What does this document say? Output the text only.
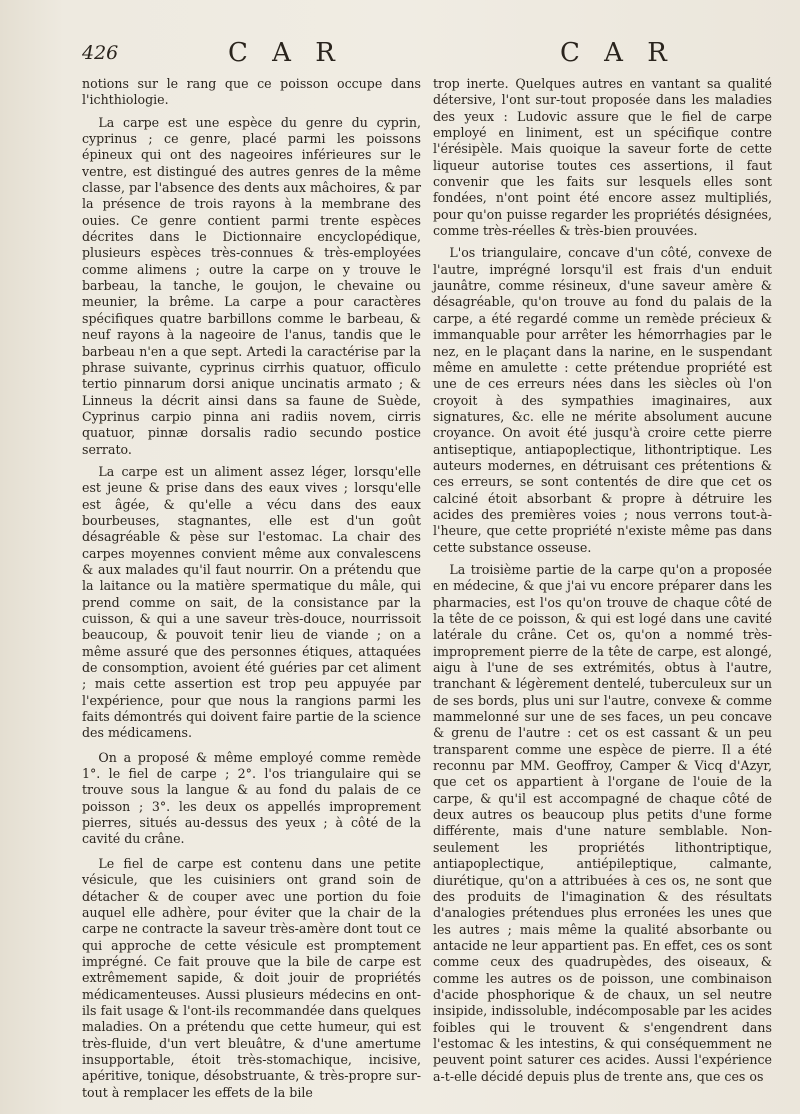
426	C A R	C A R

notions sur le rang que ce poisson occupe dans l'ichthiologie.

La carpe est une espèce du genre du cyprin, cyprinus ; ce genre, placé parmi les poissons épineux qui ont des nageoires inférieures sur le ventre, est distingué des autres genres de la même classe, par l'absence des dents aux mâchoires, & par la présence de trois rayons à la membrane des ouies. Ce genre contient parmi trente espèces décrites dans le Dictionnaire encyclopédique, plusieurs espèces très-connues & très-employées comme alimens ; outre la carpe on y trouve le barbeau, la tanche, le goujon, le chevaine ou meunier, la brême. La carpe a pour caractères spécifiques quatre barbillons comme le barbeau, & neuf rayons à la nageoire de l'anus, tandis que le barbeau n'en a que sept. Artedi la caractérise par la phrase suivante, cyprinus cirrhis quatuor, officulo tertio pinnarum dorsi anique uncinatis armato ; & Linneus la décrit ainsi dans sa faune de Suède, Cyprinus carpio pinna ani radiis novem, cirris quatuor, pinnæ dorsalis radio secundo postice serrato.

La carpe est un aliment assez léger, lorsqu'elle est jeune & prise dans des eaux vives ; lorsqu'elle est âgée, & qu'elle a vécu dans des eaux bourbeuses, stagnantes, elle est d'un goût désagréable & pèse sur l'estomac. La chair des carpes moyennes convient même aux convalescens & aux malades qu'il faut nourrir. On a prétendu que la laitance ou la matière spermatique du mâle, qui prend comme on sait, de la consistance par la cuisson, & qui a une saveur très-douce, nourrissoit beaucoup, & pouvoit tenir lieu de viande ; on a même assuré que des personnes étiques, attaquées de consomption, avoient été guéries par cet aliment ; mais cette assertion est trop peu appuyée par l'expérience, pour que nous la rangions parmi les faits démontrés qui doivent faire partie de la science des médicamens.

On a proposé & même employé comme remède 1°. le fiel de carpe ; 2°. l'os triangulaire qui se trouve sous la langue & au fond du palais de ce poisson ; 3°. les deux os appellés improprement pierres, situés au-dessus des yeux ; à côté de la cavité du crâne.

Le fiel de carpe est contenu dans une petite vésicule, que les cuisiniers ont grand soin de détacher & de couper avec une portion du foie auquel elle adhère, pour éviter que la chair de la carpe ne contracte la saveur très-amère dont tout ce qui approche de cette vésicule est promptement imprégné. Ce fait prouve que la bile de carpe est extrêmement sapide, & doit jouir de propriétés médicamenteuses. Aussi plusieurs médecins en ont-ils fait usage & l'ont-ils recommandée dans quelques maladies. On a prétendu que cette humeur, qui est très-fluide, d'un vert bleuâtre, & d'une amertume insupportable, étoit très-stomachique, incisive, apéritive, tonique, désobstruante, & très-propre sur-tout à remplacer les effets de la bile

trop inerte. Quelques autres en vantant sa qualité détersive, l'ont sur-tout proposée dans les maladies des yeux : Ludovic assure que le fiel de carpe employé en liniment, est un spécifique contre l'érésipèle. Mais quoique la saveur forte de cette liqueur autorise toutes ces assertions, il faut convenir que les faits sur lesquels elles sont fondées, n'ont point été encore assez multipliés, pour qu'on puisse regarder les propriétés désignées, comme très-réelles & très-bien prouvées.

L'os triangulaire, concave d'un côté, convexe de l'autre, imprégné lorsqu'il est frais d'un enduit jaunâtre, comme résineux, d'une saveur amère & désagréable, qu'on trouve au fond du palais de la carpe, a été regardé comme un remède précieux & immanquable pour arrêter les hémorrhagies par le nez, en le plaçant dans la narine, en le suspendant même en amulette : cette prétendue propriété est une de ces erreurs nées dans les siècles où l'on croyoit à des sympathies imaginaires, aux signatures, &c. elle ne mérite absolument aucune croyance. On avoit été jusqu'à croire cette pierre antiseptique, antiapoplectique, lithontriptique. Les auteurs modernes, en détruisant ces prétentions & ces erreurs, se sont contentés de dire que cet os calciné étoit absorbant & propre à détruire les acides des premières voies ; nous verrons tout-à-l'heure, que cette propriété n'existe même pas dans cette substance osseuse.

La troisième partie de la carpe qu'on a proposée en médecine, & que j'ai vu encore préparer dans les pharmacies, est l'os qu'on trouve de chaque côté de la tête de ce poisson, & qui est logé dans une cavité latérale du crâne. Cet os, qu'on a nommé très-improprement pierre de la tête de carpe, est alongé, aigu à l'une de ses extrémités, obtus à l'autre, tranchant & légèrement dentelé, tuberculeux sur un de ses bords, plus uni sur l'autre, convexe & comme mammelonné sur une de ses faces, un peu concave & grenu de l'autre : cet os est cassant & un peu transparent comme une espèce de pierre. Il a été reconnu par MM. Geoffroy, Camper & Vicq d'Azyr, que cet os appartient à l'organe de l'ouie de la carpe, & qu'il est accompagné de chaque côté de deux autres os beaucoup plus petits d'une forme différente, mais d'une nature semblable. Non-seulement les propriétés lithontriptique, antiapoplectique, antiépileptique, calmante, diurétique, qu'on a attribuées à ces os, ne sont que des produits de l'imagination & des résultats d'analogies prétendues plus erronées les unes que les autres ; mais même la qualité absorbante ou antacide ne leur appartient pas. En effet, ces os sont comme ceux des quadrupèdes, des oiseaux, & comme les autres os de poisson, une combinaison d'acide phosphorique & de chaux, un sel neutre insipide, indissoluble, indécomposable par les acides foibles qui le trouvent & s'engendrent dans l'estomac & les intestins, & qui conséquemment ne peuvent point saturer ces acides. Aussi l'expérience a-t-elle décidé depuis plus de trente ans, que ces os
